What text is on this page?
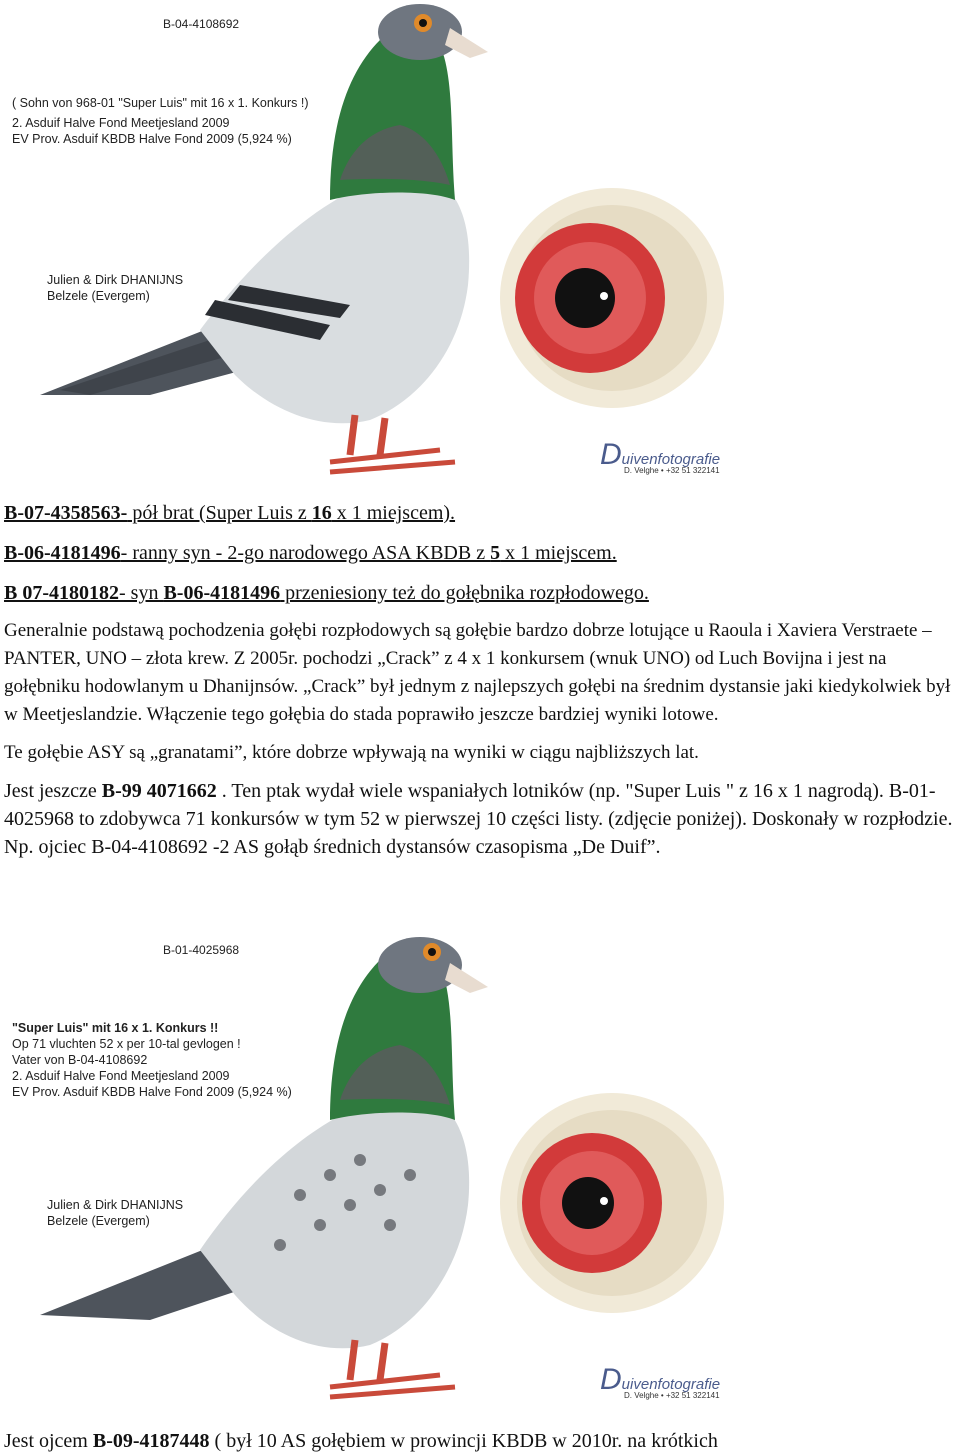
B-04-4108692
( Sohn von 968-01 "Super Luis" mit 16 x 1. Konkurs !)
2. Asduif Halve Fond Meetjesland 2009
EV Prov. Asduif KBDB Halve Fond 2009 (5,924 %)
Julien & Dirk DHANIJNS
Belzele (Evergem)
Duivenfotografie
D. Velghe • +32 51 322141

B-07-4358563- pół brat (Super Luis z 16 x 1 miejscem).

B-06-4181496- ranny syn - 2-go narodowego ASA KBDB z 5 x 1 miejscem.

B 07-4180182- syn B-06-4181496 przeniesiony też do gołębnika rozpłodowego.

Generalnie podstawą pochodzenia gołębi rozpłodowych są gołębie bardzo dobrze lotujące u Raoula i Xaviera Verstraete – PANTER, UNO – złota krew. Z 2005r. pochodzi „Crack” z 4 x 1 konkursem (wnuk UNO) od Luch Bovijna i jest na gołębniku hodowlanym u Dhanijnsów. „Crack” był jednym z najlepszych gołębi na średnim dystansie jaki kiedykolwiek był w Meetjeslandzie. Włączenie tego gołębia do stada poprawiło jeszcze bardziej wyniki lotowe.

Te gołębie ASY są „granatami”, które dobrze wpływają na wyniki w ciągu najbliższych lat.

Jest jeszcze B-99 4071662 . Ten ptak wydał wiele wspaniałych lotników (np. "Super Luis " z 16 x 1 nagrodą). B-01-4025968 to zdobywca 71 konkursów w tym 52 w pierwszej 10 części listy. (zdjęcie poniżej). Doskonały w rozpłodzie. Np. ojciec B-04-4108692 -2 AS gołąb średnich dystansów czasopisma „De Duif”.

B-01-4025968
"Super Luis" mit 16 x 1. Konkurs !!
Op 71 vluchten 52 x per 10-tal gevlogen !
Vater von B-04-4108692
2. Asduif Halve Fond Meetjesland 2009
EV Prov. Asduif KBDB Halve Fond 2009 (5,924 %)
Julien & Dirk DHANIJNS
Belzele (Evergem)
Duivenfotografie
D. Velghe • +32 51 322141

Jest ojcem B-09-4187448 ( był 10 AS gołębiem w prowincji KBDB w 2010r. na krótkich
